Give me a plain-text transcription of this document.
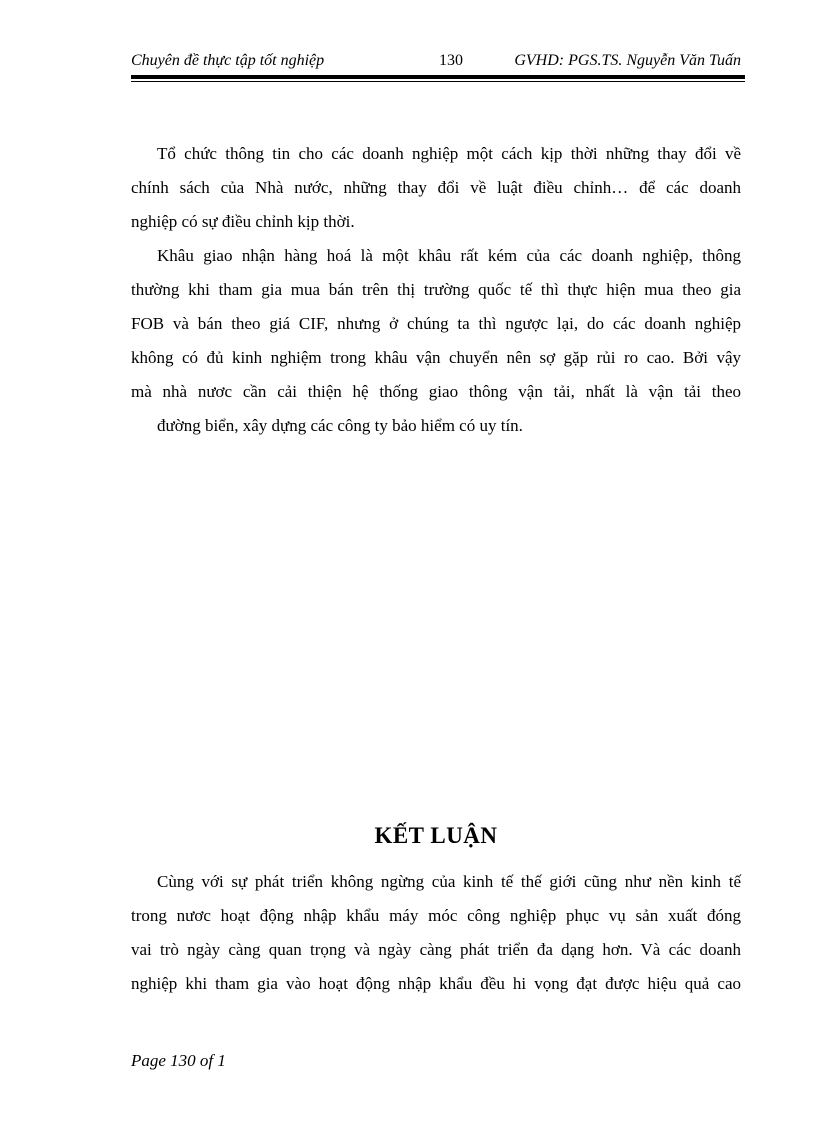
Chuyên đề thực tập tốt nghiệp	130	GVHD: PGS.TS. Nguyễn Văn Tuấn
Tổ chức thông tin cho các doanh nghiệp một cách kịp thời những thay đổi về
chính sách của Nhà nước, những thay đổi về luật điều chỉnh… để các doanh
nghiệp có sự điều chỉnh kịp thời.
Khâu giao nhận hàng hoá là một khâu rất kém của các doanh nghiệp, thông
thường khi tham gia mua bán trên thị trường quốc tế thì thực hiện mua theo gia
FOB và bán theo giá CIF, nhưng ở chúng ta thì ngược lại, do các doanh nghiệp
không có đủ kinh nghiệm trong khâu vận chuyển nên sợ gặp rủi ro cao. Bởi vậy
mà nhà nươc cần cải thiện hệ thống giao thông vận tải, nhất là vận tải theo
đường biển, xây dựng các công ty bảo hiểm có uy tín.
KẾT LUẬN
Cùng với sự phát triển không ngừng của kinh tế thế giới cũng như nền kinh tế
trong nươc hoạt động nhập khẩu máy móc công nghiệp phục vụ sản xuất đóng
vai trò ngày càng quan trọng và ngày càng phát triển đa dạng hơn. Và các doanh
nghiệp khi tham gia vào hoạt động nhập khẩu đều hi vọng đạt được hiệu quả cao
Page 130 of 1
